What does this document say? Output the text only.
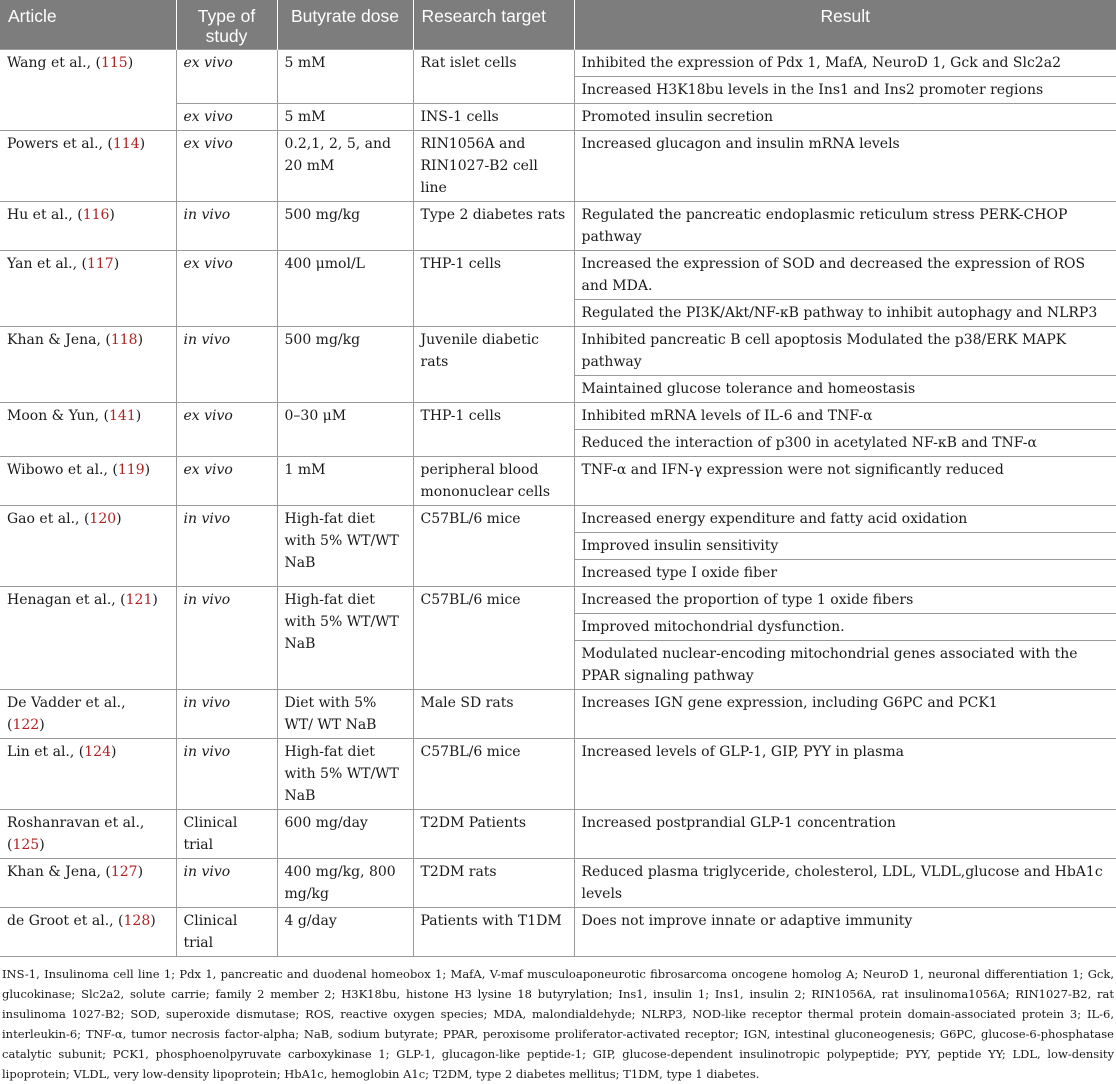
Article	Type of study	Butyrate dose	Research target	Result
Wang et al., (115)	ex vivo	5 mM	Rat islet cells	Inhibited the expression of Pdx 1, MafA, NeuroD 1, Gck and Slc2a2
				Increased H3K18bu levels in the Ins1 and Ins2 promoter regions
	ex vivo	5 mM	INS-1 cells	Promoted insulin secretion
Powers et al., (114)	ex vivo	0.2,1, 2, 5, and 20 mM	RIN1056A and RIN1027-B2 cell line	Increased glucagon and insulin mRNA levels
Hu et al., (116)	in vivo	500 mg/kg	Type 2 diabetes rats	Regulated the pancreatic endoplasmic reticulum stress PERK-CHOP pathway
Yan et al., (117)	ex vivo	400 μmol/L	THP-1 cells	Increased the expression of SOD and decreased the expression of ROS and MDA.
				Regulated the PI3K/Akt/NF-κB pathway to inhibit autophagy and NLRP3
Khan & Jena, (118)	in vivo	500 mg/kg	Juvenile diabetic rats	Inhibited pancreatic B cell apoptosis Modulated the p38/ERK MAPK pathway
				Maintained glucose tolerance and homeostasis
Moon & Yun, (141)	ex vivo	0–30 μM	THP-1 cells	Inhibited mRNA levels of IL-6 and TNF-α
				Reduced the interaction of p300 in acetylated NF-κB and TNF-α
Wibowo et al., (119)	ex vivo	1 mM	peripheral blood mononuclear cells	TNF-α and IFN-γ expression were not significantly reduced
Gao et al., (120)	in vivo	High-fat diet with 5% WT/WT NaB	C57BL/6 mice	Increased energy expenditure and fatty acid oxidation
				Improved insulin sensitivity
				Increased type I oxide fiber
Henagan et al., (121)	in vivo	High-fat diet with 5% WT/WT NaB	C57BL/6 mice	Increased the proportion of type 1 oxide fibers
				Improved mitochondrial dysfunction.
				Modulated nuclear-encoding mitochondrial genes associated with the PPAR signaling pathway
De Vadder et al., (122)	in vivo	Diet with 5% WT/ WT NaB	Male SD rats	Increases IGN gene expression, including G6PC and PCK1
Lin et al., (124)	in vivo	High-fat diet with 5% WT/WT NaB	C57BL/6 mice	Increased levels of GLP-1, GIP, PYY in plasma
Roshanravan et al., (125)	Clinical trial	600 mg/day	T2DM Patients	Increased postprandial GLP-1 concentration
Khan & Jena, (127)	in vivo	400 mg/kg, 800 mg/kg	T2DM rats	Reduced plasma triglyceride, cholesterol, LDL, VLDL,glucose and HbA1c levels
de Groot et al., (128)	Clinical trial	4 g/day	Patients with T1DM	Does not improve innate or adaptive immunity

INS-1, Insulinoma cell line 1; Pdx 1, pancreatic and duodenal homeobox 1; MafA, V-maf musculoaponeurotic fibrosarcoma oncogene homolog A; NeuroD 1, neuronal differentiation 1; Gck, glucokinase; Slc2a2, solute carrie; family 2 member 2; H3K18bu, histone H3 lysine 18 butyrylation; Ins1, insulin 1; Ins1, insulin 2; RIN1056A, rat insulinoma1056A; RIN1027-B2, rat insulinoma 1027-B2; SOD, superoxide dismutase; ROS, reactive oxygen species; MDA, malondialdehyde; NLRP3, NOD-like receptor thermal protein domain-associated protein 3; IL-6, interleukin-6; TNF-α, tumor necrosis factor-alpha; NaB, sodium butyrate; PPAR, peroxisome proliferator-activated receptor; IGN, intestinal gluconeogenesis; G6PC, glucose-6-phosphatase catalytic subunit; PCK1, phosphoenolpyruvate carboxykinase 1; GLP-1, glucagon-like peptide-1; GIP, glucose-dependent insulinotropic polypeptide; PYY, peptide YY; LDL, low-density lipoprotein; VLDL, very low-density lipoprotein; HbA1c, hemoglobin A1c; T2DM, type 2 diabetes mellitus; T1DM, type 1 diabetes.
